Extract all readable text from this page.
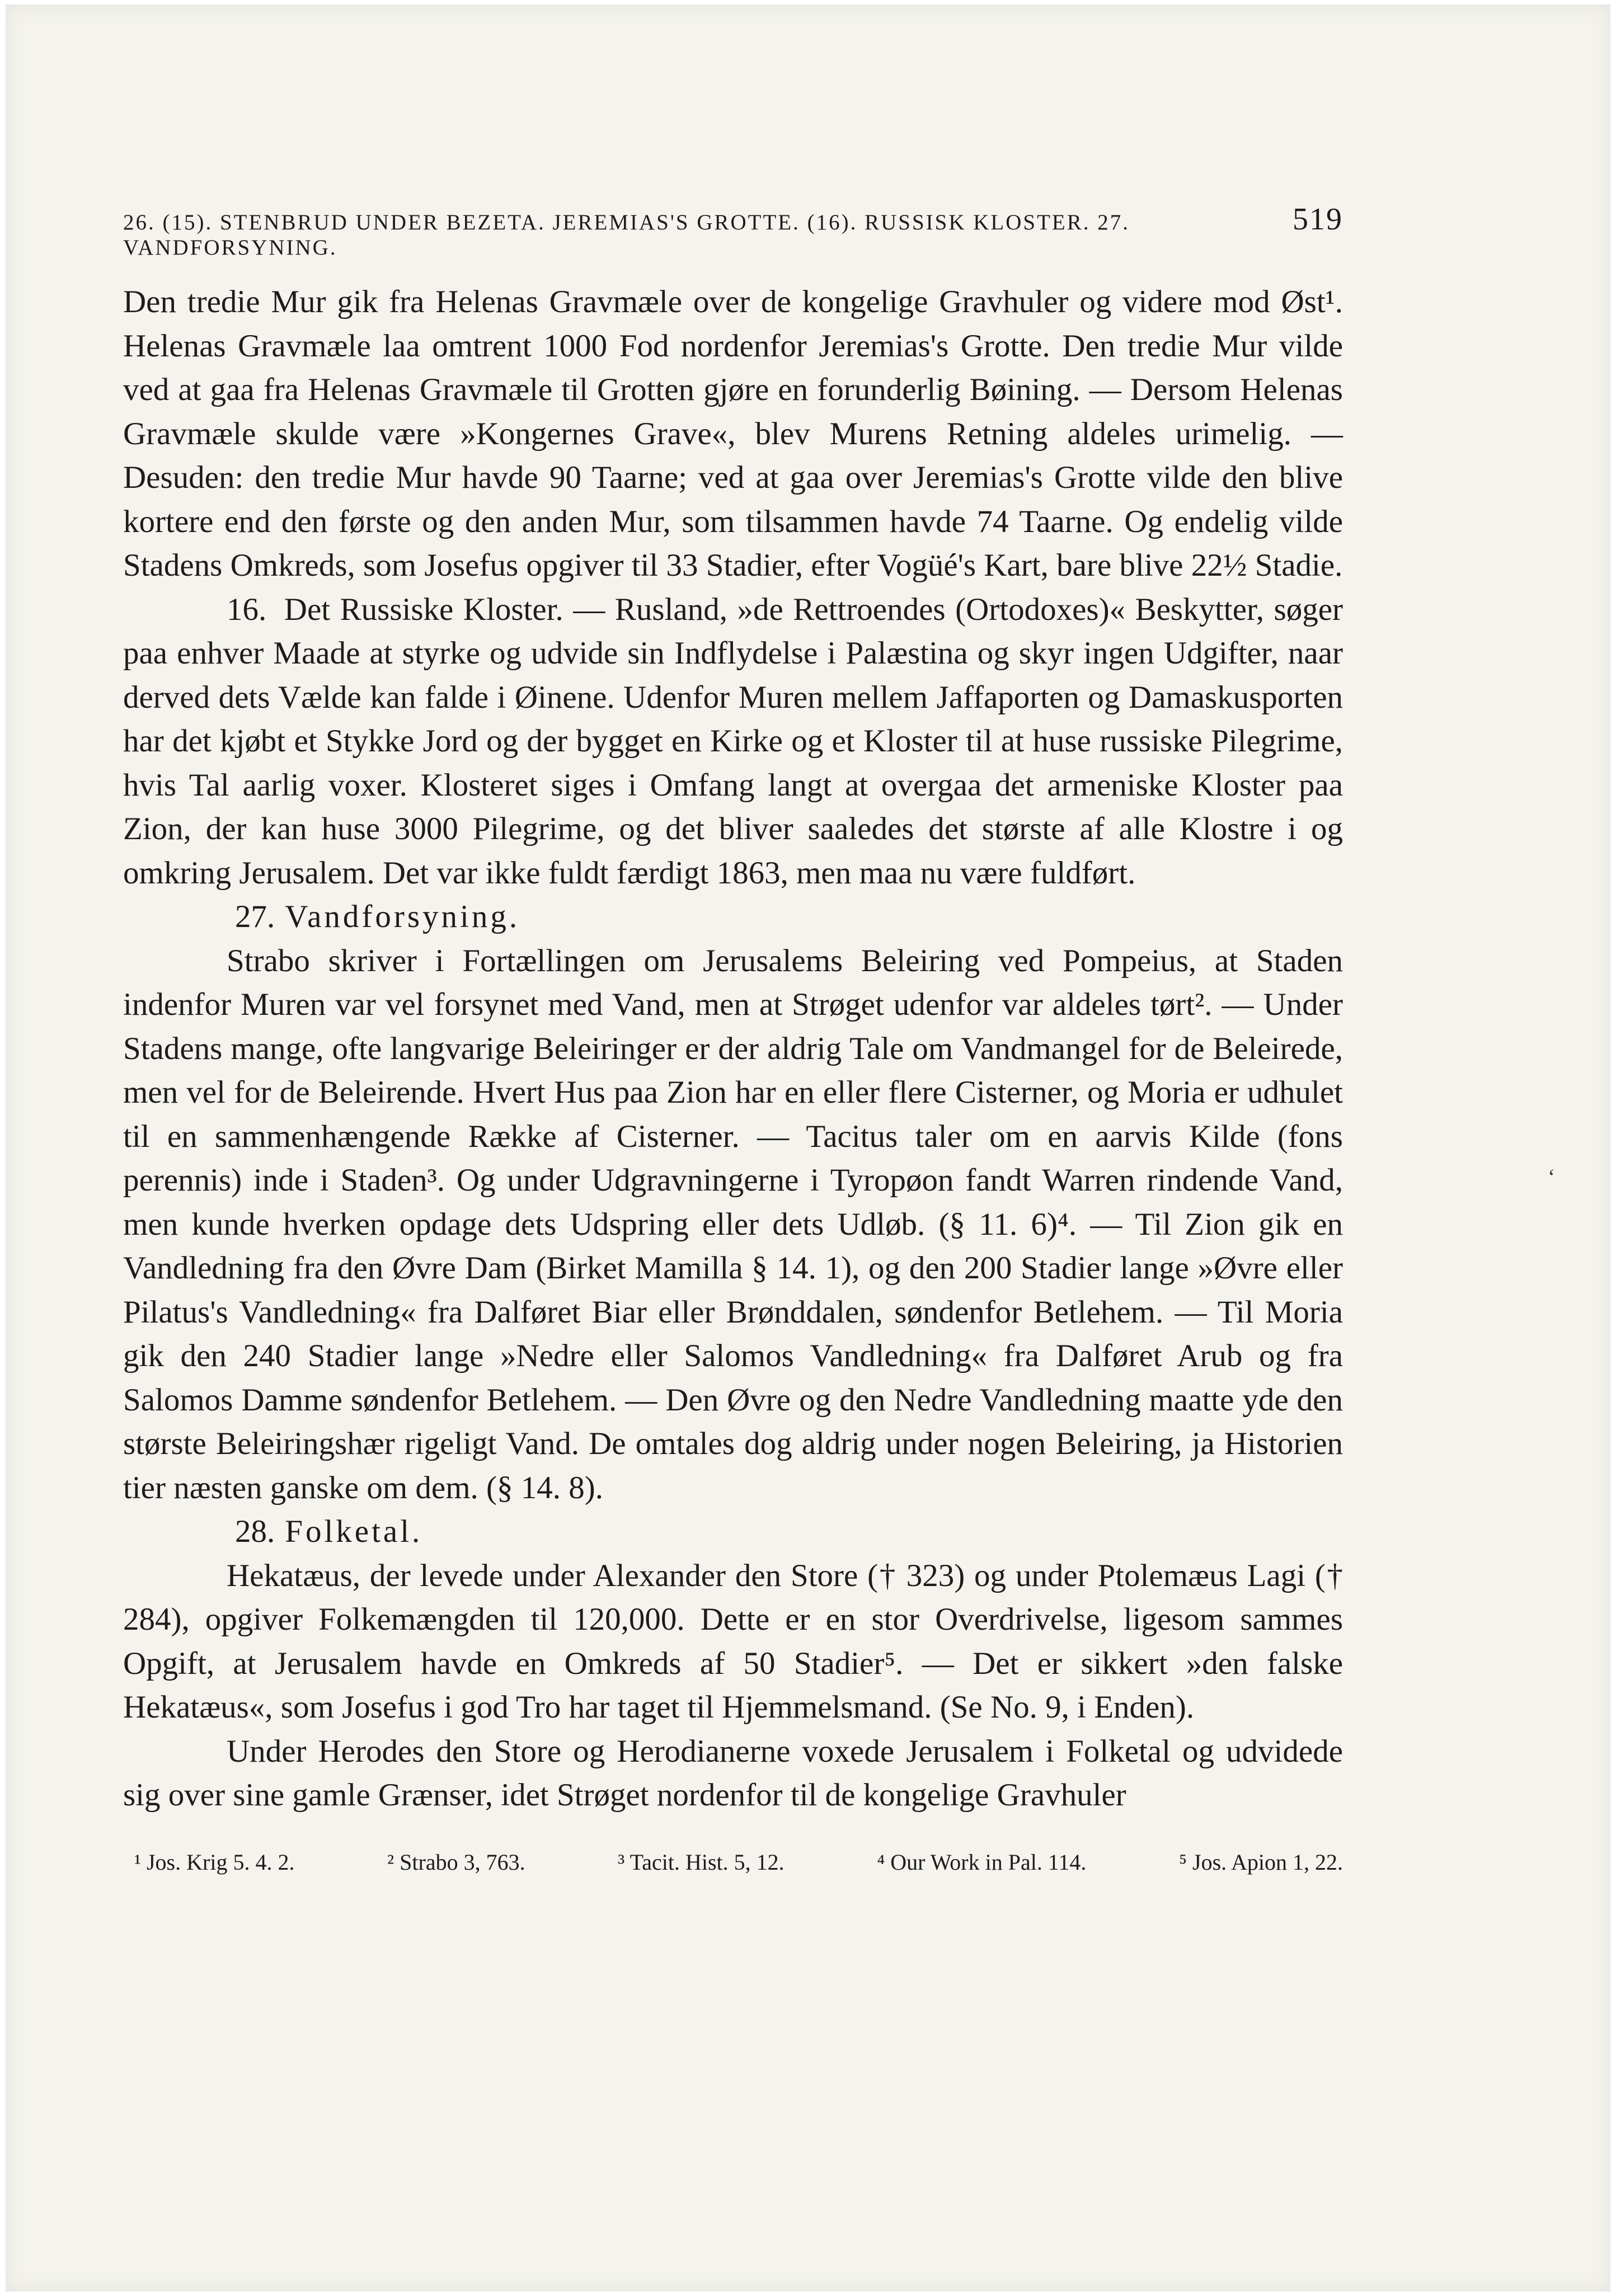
26. (15). STENBRUD UNDER BEZETA. JEREMIAS'S GROTTE. (16). RUSSISK KLOSTER. 27. VANDFORSYNING.
519

Den tredie Mur gik fra Helenas Gravmæle over de kongelige Gravhuler og videre mod Øst¹. Helenas Gravmæle laa omtrent 1000 Fod nordenfor Jeremias's Grotte. Den tredie Mur vilde ved at gaa fra Helenas Gravmæle til Grotten gjøre en forunderlig Bøining. — Dersom Helenas Gravmæle skulde være »Kongernes Grave«, blev Murens Retning aldeles urimelig. — Desuden: den tredie Mur havde 90 Taarne; ved at gaa over Jeremias's Grotte vilde den blive kortere end den første og den anden Mur, som tilsammen havde 74 Taarne. Og endelig vilde Stadens Omkreds, som Josefus opgiver til 33 Stadier, efter Vogüé's Kart, bare blive 22½ Stadie.

16. Det Russiske Kloster. — Rusland, »de Rettroendes (Ortodoxes)« Beskytter, søger paa enhver Maade at styrke og udvide sin Indflydelse i Palæstina og skyr ingen Udgifter, naar derved dets Vælde kan falde i Øinene. Udenfor Muren mellem Jaffaporten og Damaskusporten har det kjøbt et Stykke Jord og der bygget en Kirke og et Kloster til at huse russiske Pilegrime, hvis Tal aarlig voxer. Klosteret siges i Omfang langt at overgaa det armeniske Kloster paa Zion, der kan huse 3000 Pilegrime, og det bliver saaledes det største af alle Klostre i og omkring Jerusalem. Det var ikke fuldt færdigt 1863, men maa nu være fuldført.

27. Vandforsyning.

Strabo skriver i Fortællingen om Jerusalems Beleiring ved Pompeius, at Staden indenfor Muren var vel forsynet med Vand, men at Strøget udenfor var aldeles tørt². — Under Stadens mange, ofte langvarige Beleiringer er der aldrig Tale om Vandmangel for de Beleirede, men vel for de Beleirende. Hvert Hus paa Zion har en eller flere Cisterner, og Moria er udhulet til en sammenhængende Række af Cisterner. — Tacitus taler om en aarvis Kilde (fons perennis) inde i Staden³. Og under Udgravningerne i Tyropøon fandt Warren rindende Vand, men kunde hverken opdage dets Udspring eller dets Udløb. (§ 11. 6)⁴. — Til Zion gik en Vandledning fra den Øvre Dam (Birket Mamilla § 14. 1), og den 200 Stadier lange »Øvre eller Pilatus's Vandledning« fra Dalføret Biar eller Brønddalen, søndenfor Betlehem. — Til Moria gik den 240 Stadier lange »Nedre eller Salomos Vandledning« fra Dalføret Arub og fra Salomos Damme søndenfor Betlehem. — Den Øvre og den Nedre Vandledning maatte yde den største Beleiringshær rigeligt Vand. De omtales dog aldrig under nogen Beleiring, ja Historien tier næsten ganske om dem. (§ 14. 8).

28. Folketal.

Hekatæus, der levede under Alexander den Store († 323) og under Ptolemæus Lagi († 284), opgiver Folkemængden til 120,000. Dette er en stor Overdrivelse, ligesom sammes Opgift, at Jerusalem havde en Omkreds af 50 Stadier⁵. — Det er sikkert »den falske Hekatæus«, som Josefus i god Tro har taget til Hjemmelsmand. (Se No. 9, i Enden).

Under Herodes den Store og Herodianerne voxede Jerusalem i Folketal og udvidede sig over sine gamle Grænser, idet Strøget nordenfor til de kongelige Gravhuler

¹ Jos. Krig 5. 4. 2.	² Strabo 3, 763.	³ Tacit. Hist. 5, 12.	⁴ Our Work in Pal. 114.	⁵ Jos. Apion 1, 22.
‘
